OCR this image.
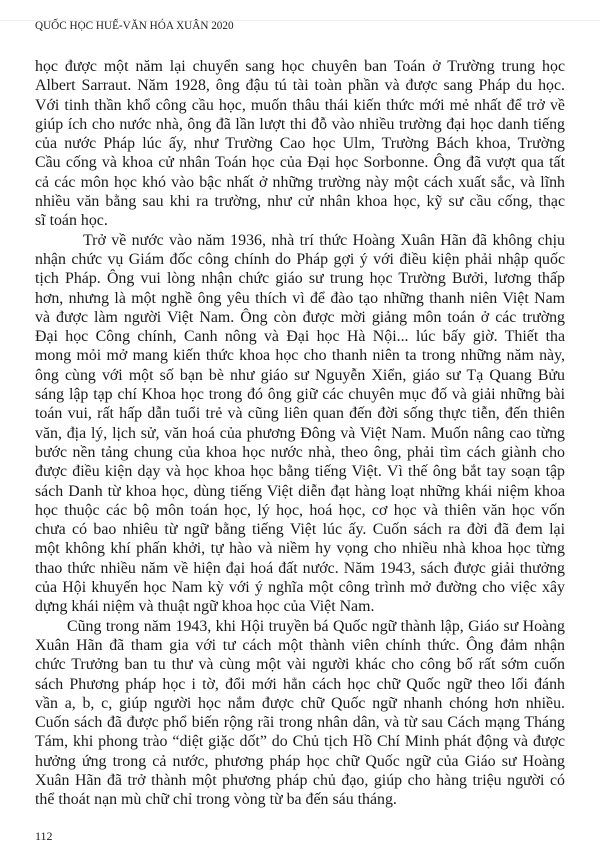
QUỐC HỌC HUẾ-VĂN HÓA XUÂN 2020
học được một năm lại chuyển sang học chuyên ban Toán ở Trường trung học
Albert Sarraut. Năm 1928, ông đậu tú tài toàn phần và được sang Pháp du học.
Với tinh thần khổ công cầu học, muốn thâu thái kiến thức mới mẻ nhất để trở về
giúp ích cho nước nhà, ông đã lần lượt thi đỗ vào nhiều trường đại học danh tiếng
của nước Pháp lúc ấy, như Trường Cao học Ulm, Trường Bách khoa, Trường
Cầu cống và khoa cử nhân Toán học của Đại học Sorbonne. Ông đã vượt qua tất
cả các môn học khó vào bậc nhất ở những trường này một cách xuất sắc, và lĩnh
nhiều văn bằng sau khi ra trường, như cử nhân khoa học, kỹ sư cầu cống, thạc
sĩ toán học.
Trở về nước vào năm 1936, nhà trí thức Hoàng Xuân Hãn đã không chịu
nhận chức vụ Giám đốc công chính do Pháp gợi ý với điều kiện phải nhập quốc
tịch Pháp. Ông vui lòng nhận chức giáo sư trung học Trường Bưởi, lương thấp
hơn, nhưng là một nghề ông yêu thích vì để đào tạo những thanh niên Việt Nam
và được làm người Việt Nam. Ông còn được mời giảng môn toán ở các trường
Đại học Công chính, Canh nông và Đại học Hà Nội... lúc bấy giờ. Thiết tha
mong mỏi mở mang kiến thức khoa học cho thanh niên ta trong những năm này,
ông cùng với một số bạn bè như giáo sư Nguyễn Xiển, giáo sư Tạ Quang Bửu
sáng lập tạp chí Khoa học trong đó ông giữ các chuyên mục đố và giải những bài
toán vui, rất hấp dẫn tuổi trẻ và cũng liên quan đến đời sống thực tiễn, đến thiên
văn, địa lý, lịch sử, văn hoá của phương Đông và Việt Nam. Muốn nâng cao từng
bước nền tảng chung của khoa học nước nhà, theo ông, phải tìm cách giành cho
được điều kiện dạy và học khoa học bằng tiếng Việt. Vì thế ông bắt tay soạn tập
sách Danh từ khoa học, dùng tiếng Việt diễn đạt hàng loạt những khái niệm khoa
học thuộc các bộ môn toán học, lý học, hoá học, cơ học và thiên văn học vốn
chưa có bao nhiêu từ ngữ bằng tiếng Việt lúc ấy. Cuốn sách ra đời đã đem lại
một không khí phấn khởi, tự hào và niềm hy vọng cho nhiều nhà khoa học từng
thao thức nhiều năm về hiện đại hoá đất nước. Năm 1943, sách được giải thưởng
của Hội khuyến học Nam kỳ với ý nghĩa một công trình mở đường cho việc xây
dựng khái niệm và thuật ngữ khoa học của Việt Nam.
Cũng trong năm 1943, khi Hội truyền bá Quốc ngữ thành lập, Giáo sư Hoàng
Xuân Hãn đã tham gia với tư cách một thành viên chính thức. Ông đảm nhận
chức Trưởng ban tu thư và cùng một vài người khác cho công bố rất sớm cuốn
sách Phương pháp học i tờ, đổi mới hẳn cách học chữ Quốc ngữ theo lối đánh
vần a, b, c, giúp người học nắm được chữ Quốc ngữ nhanh chóng hơn nhiều.
Cuốn sách đã được phổ biến rộng rãi trong nhân dân, và từ sau Cách mạng Tháng
Tám, khi phong trào “diệt giặc dốt” do Chủ tịch Hồ Chí Minh phát động và được
hưởng ứng trong cả nước, phương pháp học chữ Quốc ngữ của Giáo sư Hoàng
Xuân Hãn đã trở thành một phương pháp chủ đạo, giúp cho hàng triệu người có
thể thoát nạn mù chữ chỉ trong vòng từ ba đến sáu tháng.
112
